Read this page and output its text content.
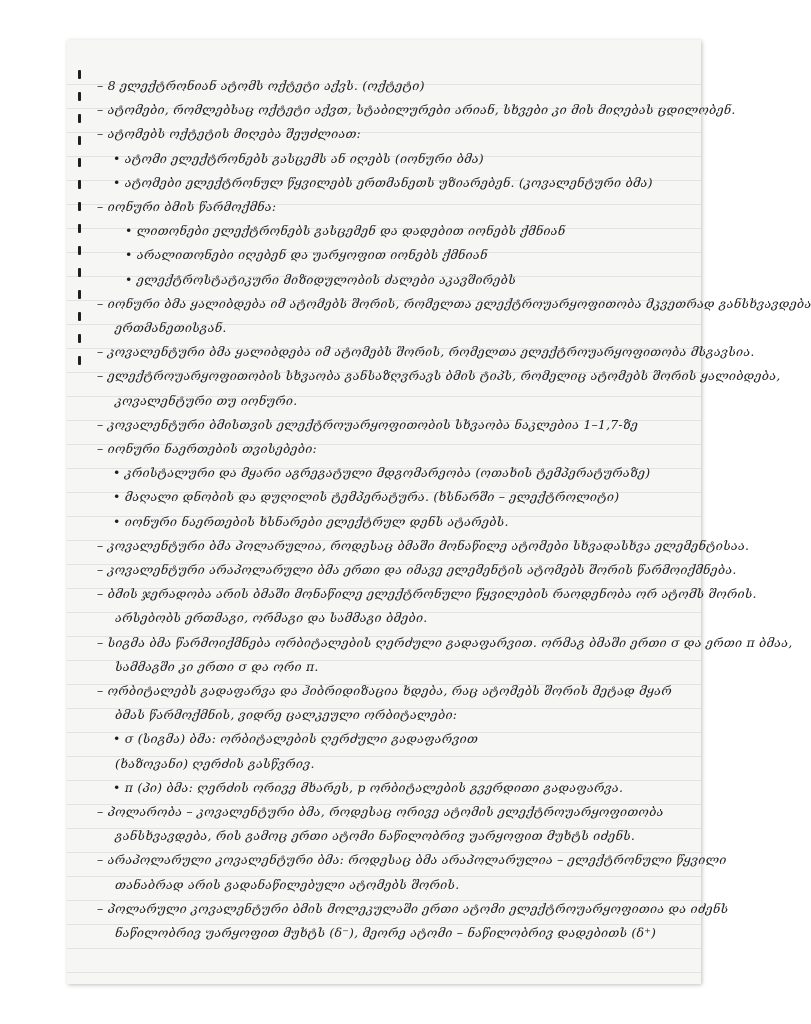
– 8 ელექტრონიან ატომს ოქტეტი აქვს. (ოქტეტი)
– ატომები, რომლებსაც ოქტეტი აქვთ, სტაბილურები არიან, სხვები კი მის მიღებას ცდილობენ.
– ატომებს ოქტეტის მიღება შეუძლიათ:
• ატომი ელექტრონებს გასცემს ან იღებს (იონური ბმა)
• ატომები ელექტრონულ წყვილებს ერთმანეთს უზიარებენ. (კოვალენტური ბმა)
– იონური ბმის წარმოქმნა:
• ლითონები ელექტრონებს გასცემენ და დადებით იონებს ქმნიან
• არალითონები იღებენ და უარყოფით იონებს ქმნიან
• ელექტროსტატიკური მიზიდულობის ძალები აკავშირებს
– იონური ბმა ყალიბდება იმ ატომებს შორის, რომელთა ელექტროუარყოფითობა მკვეთრად განსხვავდება
ერთმანეთისგან.
– კოვალენტური ბმა ყალიბდება იმ ატომებს შორის, რომელთა ელექტროუარყოფითობა მსგავსია.
– ელექტროუარყოფითობის სხვაობა განსაზღვრავს ბმის ტიპს, რომელიც ატომებს შორის ყალიბდება,
კოვალენტური თუ იონური.
– კოვალენტური ბმისთვის ელექტროუარყოფითობის სხვაობა ნაკლებია 1–1,7-ზე
– იონური ნაერთების თვისებები:
• კრისტალური და მყარი აგრეგატული მდგომარეობა (ოთახის ტემპერატურაზე)
• მაღალი დნობის და დუღილის ტემპერატურა. (ხსნარში – ელექტროლიტი)
• იონური ნაერთების ხსნარები ელექტრულ დენს ატარებს.
– კოვალენტური ბმა პოლარულია, როდესაც ბმაში მონაწილე ატომები სხვადასხვა ელემენტისაა.
– კოვალენტური არაპოლარული ბმა ერთი და იმავე ელემენტის ატომებს შორის წარმოიქმნება.
– ბმის ჯერადობა არის ბმაში მონაწილე ელექტრონული წყვილების რაოდენობა ორ ატომს შორის.
არსებობს ერთმაგი, ორმაგი და სამმაგი ბმები.
– სიგმა ბმა წარმოიქმნება ორბიტალების ღერძული გადაფარვით. ორმაგ ბმაში ერთი σ და ერთი π ბმაა,
სამმაგში კი ერთი σ და ორი π.
– ორბიტალებს გადაფარვა და ჰიბრიდიზაცია ხდება, რაც ატომებს შორის მეტად მყარ
ბმას წარმოქმნის, ვიდრე ცალკეული ორბიტალები:
• σ (სიგმა) ბმა: ორბიტალების ღერძული გადაფარვით
(ხაზოვანი) ღერძის გასწვრივ.
• π (პი) ბმა: ღერძის ორივე მხარეს, p ორბიტალების გვერდითი გადაფარვა.
– პოლარობა – კოვალენტური ბმა, როდესაც ორივე ატომის ელექტროუარყოფითობა
განსხვავდება, რის გამოც ერთი ატომი ნაწილობრივ უარყოფით მუხტს იძენს.
– არაპოლარული კოვალენტური ბმა: როდესაც ბმა არაპოლარულია – ელექტრონული წყვილი
თანაბრად არის გადანაწილებული ატომებს შორის.
– პოლარული კოვალენტური ბმის მოლეკულაში ერთი ატომი ელექტროუარყოფითია და იძენს
ნაწილობრივ უარყოფით მუხტს (δ⁻), მეორე ატომი – ნაწილობრივ დადებითს (δ⁺)
